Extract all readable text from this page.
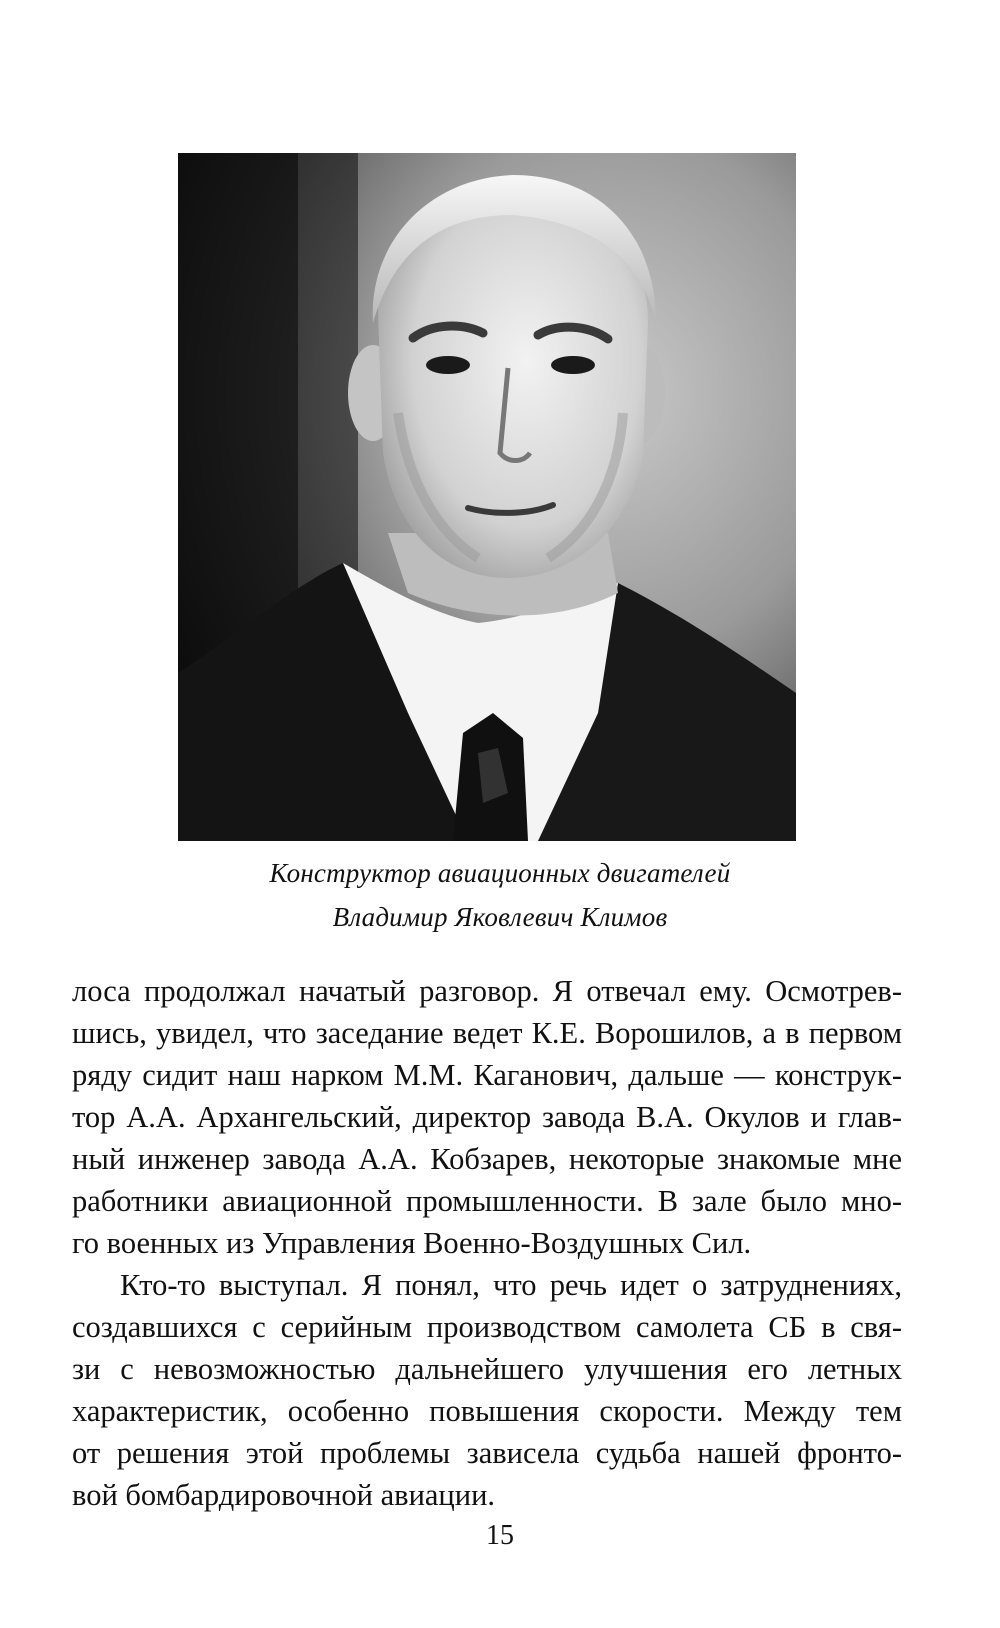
Конструктор авиационных двигателей
Владимир Яковлевич Климов
лоса продолжал начатый разговор. Я отвечал ему. Осмотрев-
шись, увидел, что заседание ведет К.Е. Ворошилов, а в первом
ряду сидит наш нарком М.М. Каганович, дальше — конструк-
тор А.А. Архангельский, директор завода В.А. Окулов и глав-
ный инженер завода А.А. Кобзарев, некоторые знакомые мне
работники авиационной промышленности. В зале было мно-
го военных из Управления Военно-Воздушных Сил.
Кто-то выступал. Я понял, что речь идет о затруднениях,
создавшихся с серийным производством самолета СБ в свя-
зи с невозможностью дальнейшего улучшения его летных
характеристик, особенно повышения скорости. Между тем
от решения этой проблемы зависела судьба нашей фронто-
вой бомбардировочной авиации.
15
